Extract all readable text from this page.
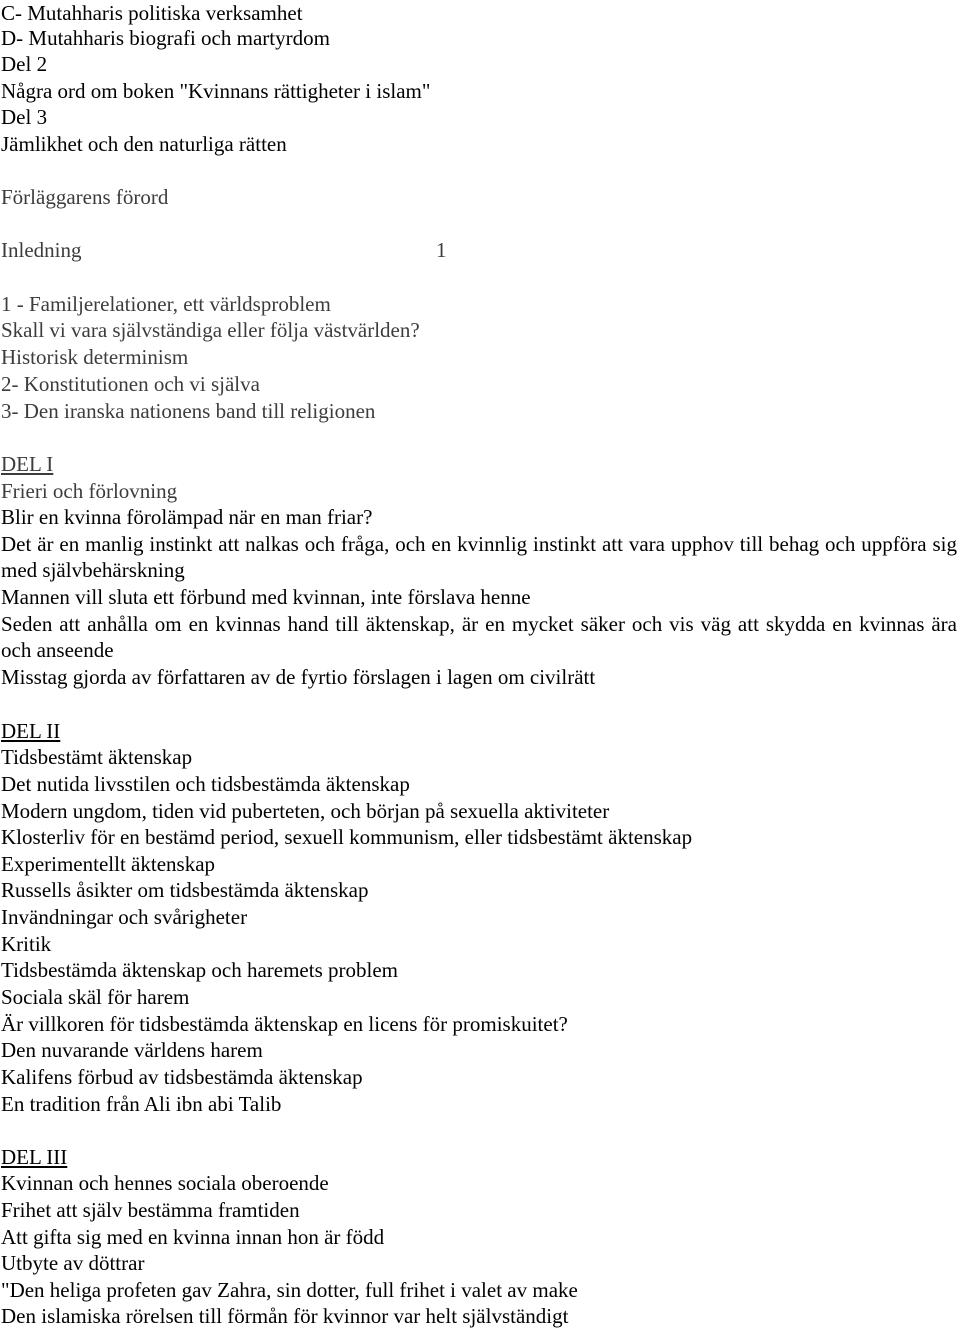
C- Mutahharis politiska verksamhet

D- Mutahharis biografi och martyrdom

Del 2

Några ord om boken "Kvinnans rättigheter i islam"

Del 3

Jämlikhet och den naturliga rätten

Förläggarens förord

Inledning	1

1 - Familjerelationer, ett världsproblem

Skall vi vara självständiga eller följa västvärlden?

Historisk determinism

2- Konstitutionen och vi själva

3- Den iranska nationens band till religionen

DEL I

Frieri och förlovning

Blir en kvinna förolämpad när en man friar?

Det är en manlig instinkt att nalkas och fråga, och en kvinnlig instinkt att vara upphov till behag och uppföra sig med självbehärskning

Mannen vill sluta ett förbund med kvinnan, inte förslava henne

Seden att anhålla om en kvinnas hand till äktenskap, är en mycket säker och vis väg att skydda en kvinnas ära och anseende

Misstag gjorda av författaren av de fyrtio förslagen i lagen om civilrätt

DEL II

Tidsbestämt äktenskap

Det nutida livsstilen och tidsbestämda äktenskap

Modern ungdom, tiden vid puberteten, och början på sexuella aktiviteter

Klosterliv för en bestämd period, sexuell kommunism, eller tidsbestämt äktenskap

Experimentellt äktenskap

Russells åsikter om tidsbestämda äktenskap

Invändningar och svårigheter

Kritik

Tidsbestämda äktenskap och haremets problem

Sociala skäl för harem

Är villkoren för tidsbestämda äktenskap en licens för promiskuitet?

Den nuvarande världens harem

Kalifens förbud av tidsbestämda äktenskap

En tradition från Ali ibn abi Talib

DEL III

Kvinnan och hennes sociala oberoende

Frihet att själv bestämma framtiden

Att gifta sig med en kvinna innan hon är född

Utbyte av döttrar

"Den heliga profeten gav Zahra, sin dotter, full frihet i valet av make

Den islamiska rörelsen till förmån för kvinnor var helt självständigt
